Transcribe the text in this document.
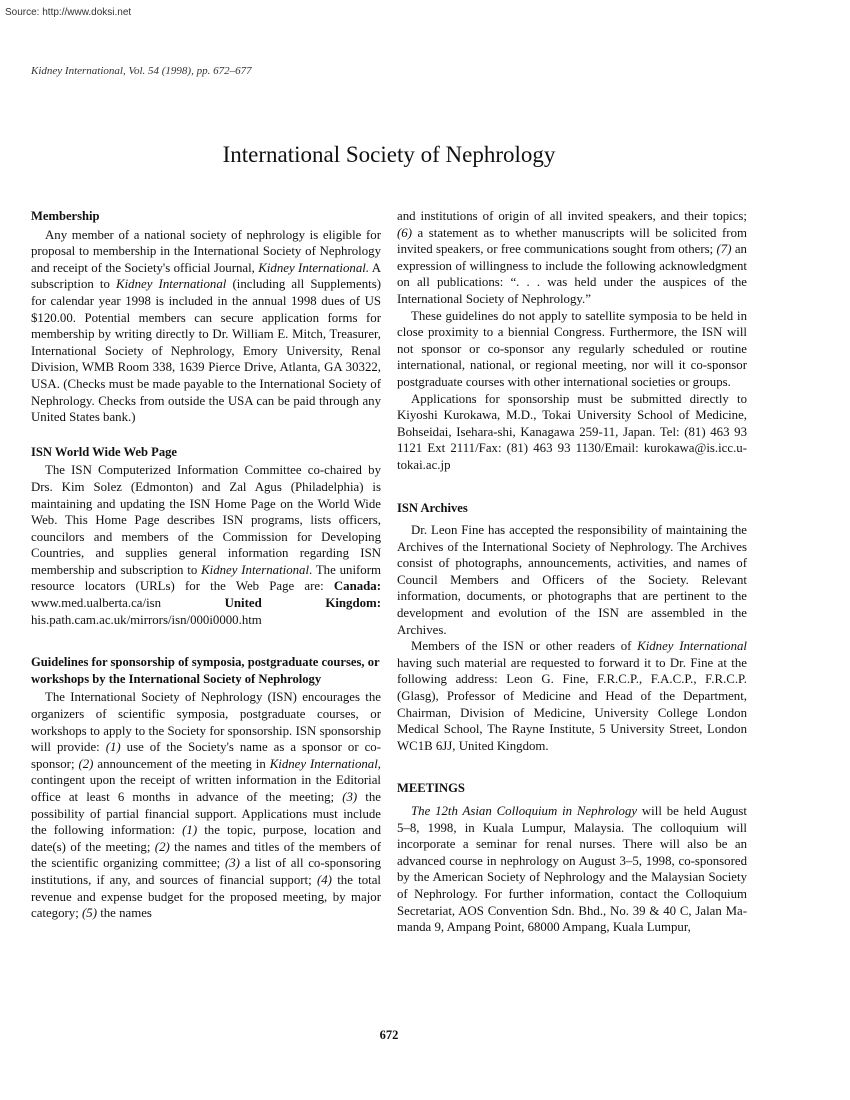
Source: http://www.doksi.net
Kidney International, Vol. 54 (1998), pp. 672–677
International Society of Nephrology
Membership

Any member of a national society of nephrology is eligible for proposal to membership in the International Society of Nephrology and receipt of the Society's official Journal, Kidney International. A subscription to Kidney International (including all Supplements) for calendar year 1998 is included in the annual 1998 dues of US $120.00. Potential members can secure application forms for membership by writing directly to Dr. William E. Mitch, Treasurer, International Society of Nephrology, Emory University, Renal Division, WMB Room 338, 1639 Pierce Drive, Atlanta, GA 30322, USA. (Checks must be made payable to the International Society of Nephrology. Checks from outside the USA can be paid through any United States bank.)

ISN World Wide Web Page

The ISN Computerized Information Committee co-chaired by Drs. Kim Solez (Edmonton) and Zal Agus (Philadelphia) is maintaining and updating the ISN Home Page on the World Wide Web. This Home Page describes ISN programs, lists officers, councilors and members of the Commission for Developing Countries, and supplies general information regarding ISN membership and subscription to Kidney International. The uniform resource locators (URLs) for the Web Page are: Canada: www.med.ualberta.ca/isn United Kingdom: his.path.cam.ac.uk/mirrors/isn/000i0000.htm

Guidelines for sponsorship of symposia, postgraduate courses, or workshops by the International Society of Nephrology

The International Society of Nephrology (ISN) encourages the organizers of scientific symposia, postgraduate courses, or workshops to apply to the Society for sponsorship. ISN sponsorship will provide: (1) use of the Society's name as a sponsor or co-sponsor; (2) announcement of the meeting in Kidney International, contingent upon the receipt of written information in the Editorial office at least 6 months in advance of the meeting; (3) the possibility of partial financial support. Applications must include the following information: (1) the topic, purpose, location and date(s) of the meeting; (2) the names and titles of the members of the scientific organizing committee; (3) a list of all co-sponsoring institutions, if any, and sources of financial support; (4) the total revenue and expense budget for the proposed meeting, by major category; (5) the names

and institutions of origin of all invited speakers, and their topics; (6) a statement as to whether manuscripts will be solicited from invited speakers, or free communications sought from others; (7) an expression of willingness to include the following acknowledgment on all publications: “. . . was held under the auspices of the International Society of Nephrology.”

These guidelines do not apply to satellite symposia to be held in close proximity to a biennial Congress. Furthermore, the ISN will not sponsor or co-sponsor any regularly scheduled or routine international, national, or regional meeting, nor will it co-sponsor postgraduate courses with other international societies or groups.

Applications for sponsorship must be submitted directly to Kiyoshi Kurokawa, M.D., Tokai University School of Medicine, Bohseidai, Isehara-shi, Kanagawa 259-11, Japan. Tel: (81) 463 93 1121 Ext 2111/Fax: (81) 463 93 1130/Email: kurokawa@is.icc.u-tokai.ac.jp

ISN Archives

Dr. Leon Fine has accepted the responsibility of maintaining the Archives of the International Society of Nephrology. The Archives consist of photographs, announcements, activities, and names of Council Members and Officers of the Society. Relevant information, documents, or photographs that are pertinent to the development and evolution of the ISN are assembled in the Archives.

Members of the ISN or other readers of Kidney International having such material are requested to forward it to Dr. Fine at the following address: Leon G. Fine, F.R.C.P., F.A.C.P., F.R.C.P. (Glasg), Professor of Medicine and Head of the Department, Chairman, Division of Medicine, University College London Medical School, The Rayne Institute, 5 University Street, London WC1B 6JJ, United Kingdom.

MEETINGS

The 12th Asian Colloquium in Nephrology will be held August 5–8, 1998, in Kuala Lumpur, Malaysia. The colloquium will incorporate a seminar for renal nurses. There will also be an advanced course in nephrology on August 3–5, 1998, co-sponsored by the American Society of Nephrology and the Malaysian Society of Nephrology. For further information, contact the Colloquium Secretariat, AOS Convention Sdn. Bhd., No. 39 & 40 C, Jalan Ma-manda 9, Ampang Point, 68000 Ampang, Kuala Lumpur,

672
